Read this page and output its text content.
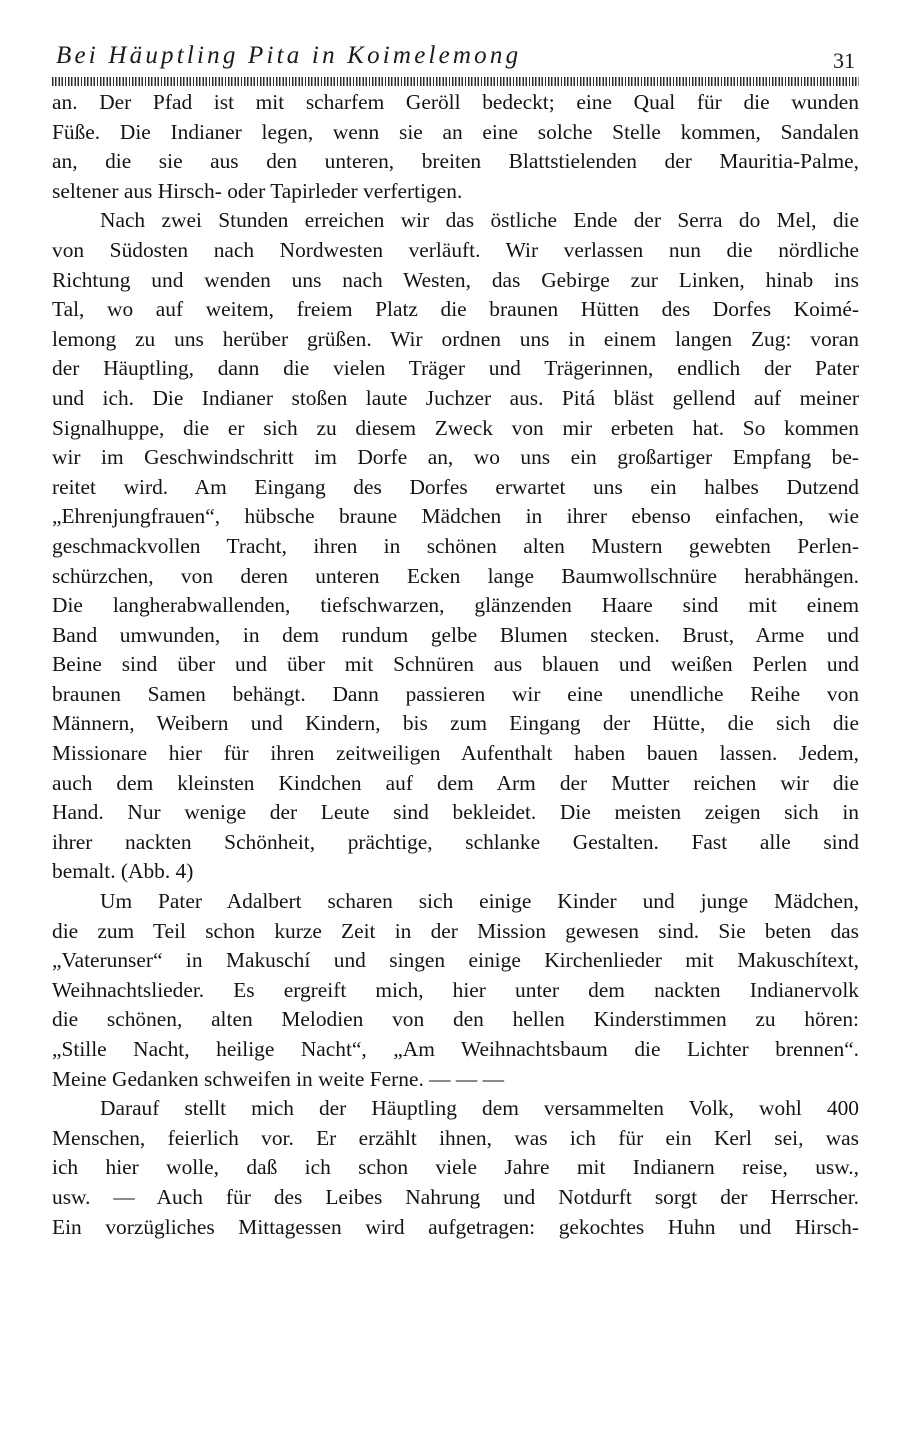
Bei Häuptling Pita in Koimelemong	31
an. Der Pfad ist mit scharfem Geröll bedeckt; eine Qual für die wunden
Füße. Die Indianer legen, wenn sie an eine solche Stelle kommen, Sandalen
an, die sie aus den unteren, breiten Blattstielenden der Mauritia-Palme,
seltener aus Hirsch- oder Tapirleder verfertigen.
Nach zwei Stunden erreichen wir das östliche Ende der Serra do Mel, die
von Südosten nach Nordwesten verläuft. Wir verlassen nun die nördliche
Richtung und wenden uns nach Westen, das Gebirge zur Linken, hinab ins
Tal, wo auf weitem, freiem Platz die braunen Hütten des Dorfes Koimé-
lemong zu uns herüber grüßen. Wir ordnen uns in einem langen Zug: voran
der Häuptling, dann die vielen Träger und Trägerinnen, endlich der Pater
und ich. Die Indianer stoßen laute Juchzer aus. Pitá bläst gellend auf meiner
Signalhuppe, die er sich zu diesem Zweck von mir erbeten hat. So kommen
wir im Geschwindschritt im Dorfe an, wo uns ein großartiger Empfang be-
reitet wird. Am Eingang des Dorfes erwartet uns ein halbes Dutzend
„Ehrenjungfrauen“, hübsche braune Mädchen in ihrer ebenso einfachen, wie
geschmackvollen Tracht, ihren in schönen alten Mustern gewebten Perlen-
schürzchen, von deren unteren Ecken lange Baumwollschnüre herabhängen.
Die langherabwallenden, tiefschwarzen, glänzenden Haare sind mit einem
Band umwunden, in dem rundum gelbe Blumen stecken. Brust, Arme und
Beine sind über und über mit Schnüren aus blauen und weißen Perlen und
braunen Samen behängt. Dann passieren wir eine unendliche Reihe von
Männern, Weibern und Kindern, bis zum Eingang der Hütte, die sich die
Missionare hier für ihren zeitweiligen Aufenthalt haben bauen lassen. Jedem,
auch dem kleinsten Kindchen auf dem Arm der Mutter reichen wir die
Hand. Nur wenige der Leute sind bekleidet. Die meisten zeigen sich in
ihrer nackten Schönheit, prächtige, schlanke Gestalten. Fast alle sind
bemalt. (Abb. 4)
Um Pater Adalbert scharen sich einige Kinder und junge Mädchen,
die zum Teil schon kurze Zeit in der Mission gewesen sind. Sie beten das
„Vaterunser“ in Makuschí und singen einige Kirchenlieder mit Makuschítext,
Weihnachtslieder. Es ergreift mich, hier unter dem nackten Indianervolk
die schönen, alten Melodien von den hellen Kinderstimmen zu hören:
„Stille Nacht, heilige Nacht“, „Am Weihnachtsbaum die Lichter brennen“.
Meine Gedanken schweifen in weite Ferne. — — —
Darauf stellt mich der Häuptling dem versammelten Volk, wohl 400
Menschen, feierlich vor. Er erzählt ihnen, was ich für ein Kerl sei, was
ich hier wolle, daß ich schon viele Jahre mit Indianern reise, usw.,
usw. — Auch für des Leibes Nahrung und Notdurft sorgt der Herrscher.
Ein vorzügliches Mittagessen wird aufgetragen: gekochtes Huhn und Hirsch-
